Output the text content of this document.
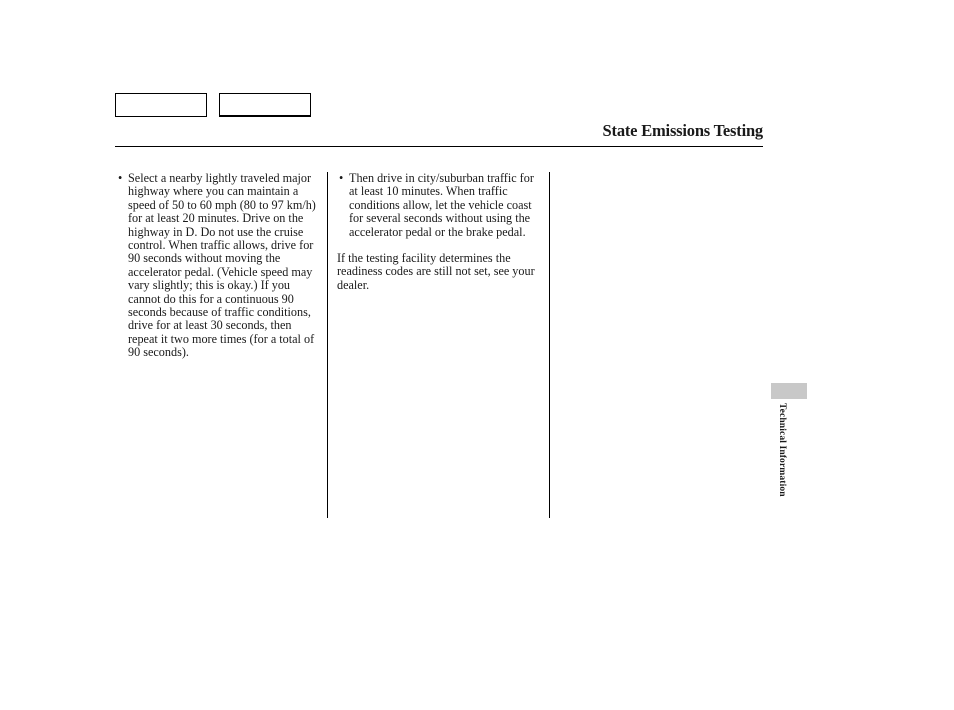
State Emissions Testing
• Select a nearby lightly traveled major highway where you can maintain a speed of 50 to 60 mph (80 to 97 km/h) for at least 20 minutes. Drive on the highway in D. Do not use the cruise control. When traffic allows, drive for 90 seconds without moving the accelerator pedal. (Vehicle speed may vary slightly; this is okay.) If you cannot do this for a continuous 90 seconds because of traffic conditions, drive for at least 30 seconds, then repeat it two more times (for a total of 90 seconds).
• Then drive in city/suburban traffic for at least 10 minutes. When traffic conditions allow, let the vehicle coast for several seconds without using the accelerator pedal or the brake pedal.
If the testing facility determines the readiness codes are still not set, see your dealer.
Technical Information
